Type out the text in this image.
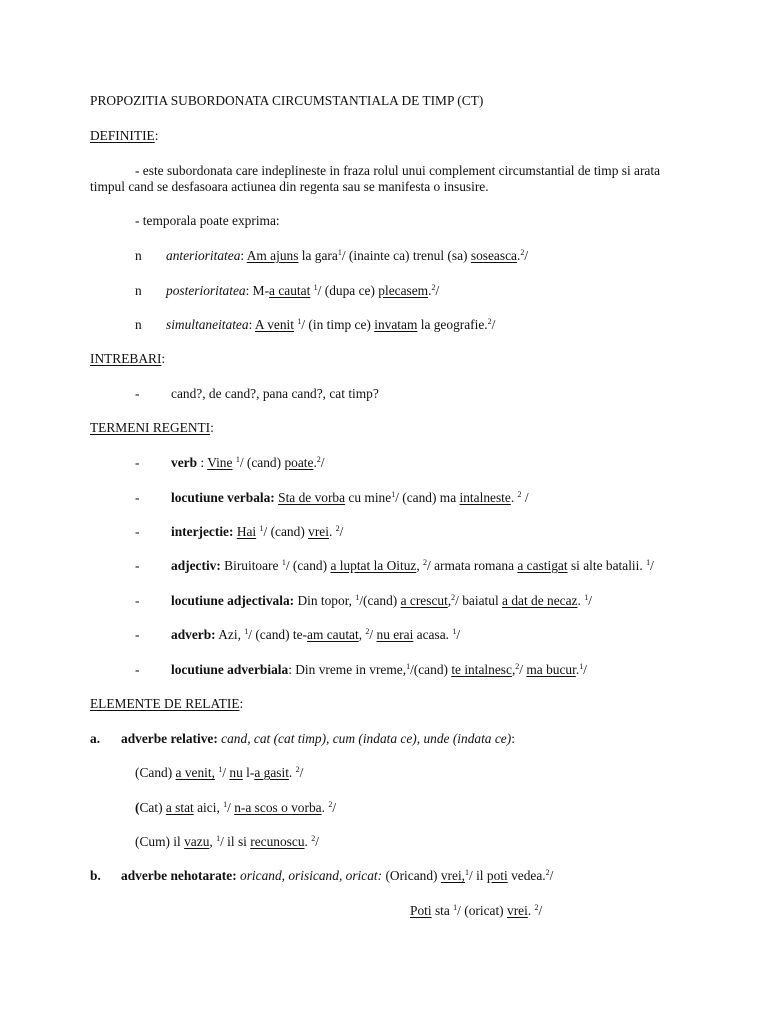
PROPOZITIA SUBORDONATA CIRCUMSTANTIALA DE TIMP (CT)
DEFINITIE:
- este subordonata care indeplineste in fraza rolul unui complement circumstantial de timp si arata
timpul cand se desfasoara actiunea din regenta sau se manifesta o insusire.
- temporala poate exprima:
n anterioritatea: Am ajuns la gara$^1$/ (inainte ca) trenul (sa) soseasca.$^2$/
n posterioritatea: M-a cautat $^1$/ (dupa ce) plecasem.$^2$/
n simultaneitatea: A venit $^1$/ (in timp ce) invatam la geografie.$^2$/
INTREBARI:
- cand?, de cand?, pana cand?, cat timp?
TERMENI REGENTI:
- verb : Vine $^1$/ (cand) poate.$^2$/
- locutiune verbala: Sta de vorba cu mine$^1$/ (cand) ma intalneste. $^2$ /
- interjectie: Hai $^1$/ (cand) vrei. $^2$/
- adjectiv: Biruitoare $^1$/ (cand) a luptat la Oituz, $^2$/ armata romana a castigat si alte batalii. $^1$/
- locutiune adjectivala: Din topor, $^1$/(cand) a crescut,$^2$/ baiatul a dat de necaz. $^1$/
- adverb: Azi, $^1$/ (cand) te-am cautat, $^2$/ nu erai acasa. $^1$/
- locutiune adverbiala: Din vreme in vreme,$^1$/(cand) te intalnesc,$^2$/ ma bucur.$^1$/
ELEMENTE DE RELATIE:
a. adverbe relative: cand, cat (cat timp), cum (indata ce), unde (indata ce):
(Cand) a venit, $^1$/ nu l-a gasit. $^2$/
(Cat) a stat aici, $^1$/ n-a scos o vorba. $^2$/
(Cum) il vazu, $^1$/ il si recunoscu. $^2$/
b. adverbe nehotarate: oricand, orisicand, oricat: (Oricand) vrei,$^1$/ il poti vedea.$^2$/
Poti sta $^1$/ (oricat) vrei. $^2$/
